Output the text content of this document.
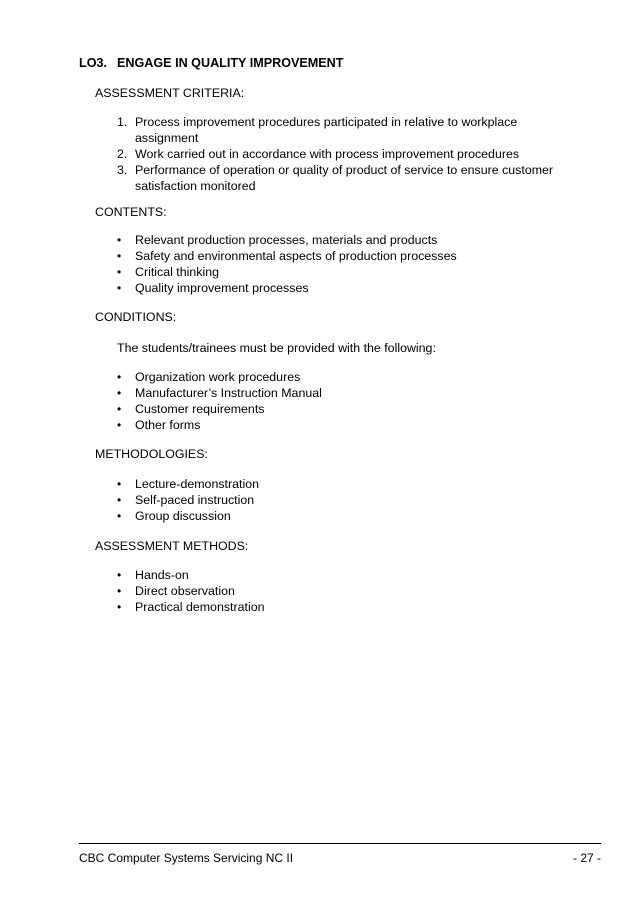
LO3. ENGAGE IN QUALITY IMPROVEMENT
ASSESSMENT CRITERIA:
1. Process improvement procedures participated in relative to workplace assignment
2. Work carried out in accordance with process improvement procedures
3. Performance of operation or quality of product of service to ensure customer satisfaction monitored
CONTENTS:
• Relevant production processes, materials and products
• Safety and environmental aspects of production processes
• Critical thinking
• Quality improvement processes
CONDITIONS:
The students/trainees must be provided with the following:
• Organization work procedures
• Manufacturer’s Instruction Manual
• Customer requirements
• Other forms
METHODOLOGIES:
• Lecture-demonstration
• Self-paced instruction
• Group discussion
ASSESSMENT METHODS:
• Hands-on
• Direct observation
• Practical demonstration
CBC Computer Systems Servicing NC II	- 27 -
